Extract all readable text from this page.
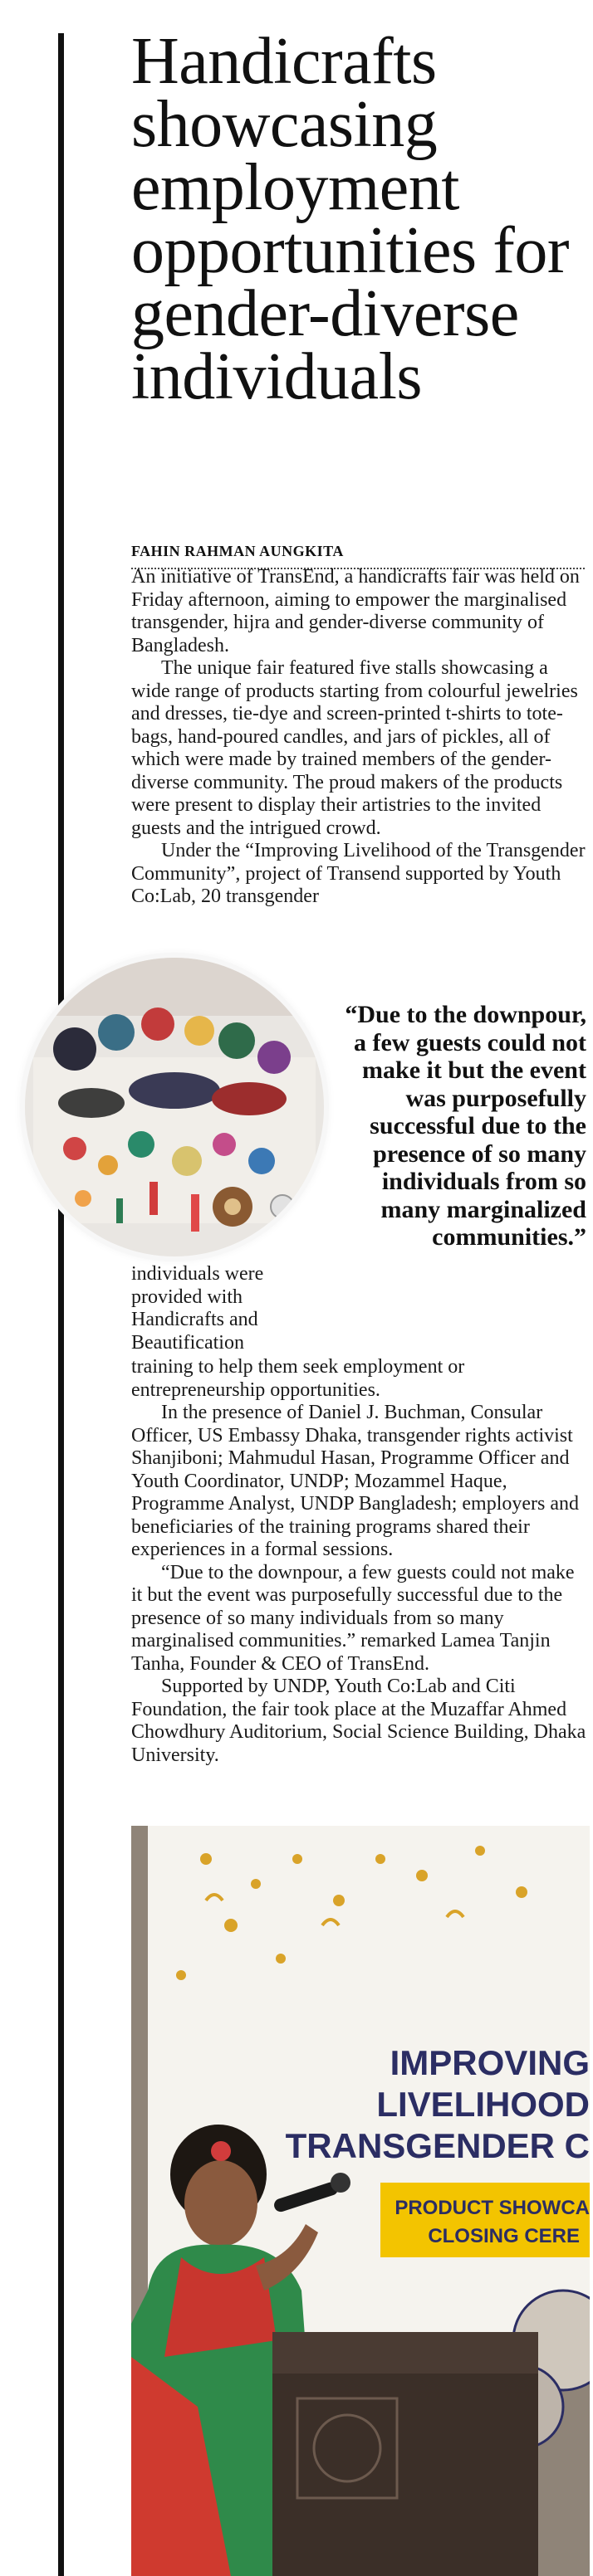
Handicrafts showcasing employment opportunities for gender-diverse individuals
FAHIN RAHMAN AUNGKITA

An initiative of TransEnd, a handicrafts fair was held on Friday afternoon, aiming to empower the marginalised transgender, hijra and gender-diverse community of Bangladesh.

The unique fair featured five stalls showcasing a wide range of products starting from colourful jewelries and dresses, tie-dye and screen-printed t-shirts to tote-bags, hand-poured candles, and jars of pickles, all of which were made by trained members of the gender-diverse community. The proud makers of the products were present to display their artistries to the invited guests and the intrigued crowd.

Under the “Improving Livelihood of the Transgender Community”, project of Transend supported by Youth Co:Lab, 20 transgender

“Due to the downpour, a few guests could not make it but the event was purposefully successful due to the presence of so many individuals from so many marginalized communities.”

individuals were provided with Handicrafts and Beautification

training to help them seek employment or entrepreneurship opportunities.

In the presence of Daniel J. Buchman, Consular Officer, US Embassy Dhaka, transgender rights activist Shanjiboni; Mahmudul Hasan, Programme Officer and Youth Coordinator, UNDP; Mozammel Haque, Programme Analyst, UNDP Bangladesh; employers and beneficiaries of the training programs shared their experiences in a formal sessions.

“Due to the downpour, a few guests could not make it but the event was purposefully successful due to the presence of so many individuals from so many marginalised communities.” remarked Lamea Tanjin Tanha, Founder & CEO of TransEnd.

Supported by UNDP, Youth Co:Lab and Citi Foundation, the fair took place at the Muzaffar Ahmed Chowdhury Auditorium, Social Science Building, Dhaka University.

IMPROVING
LIVELIHOOD
TRANSGENDER C
PRODUCT SHOWCA
CLOSING CERE
